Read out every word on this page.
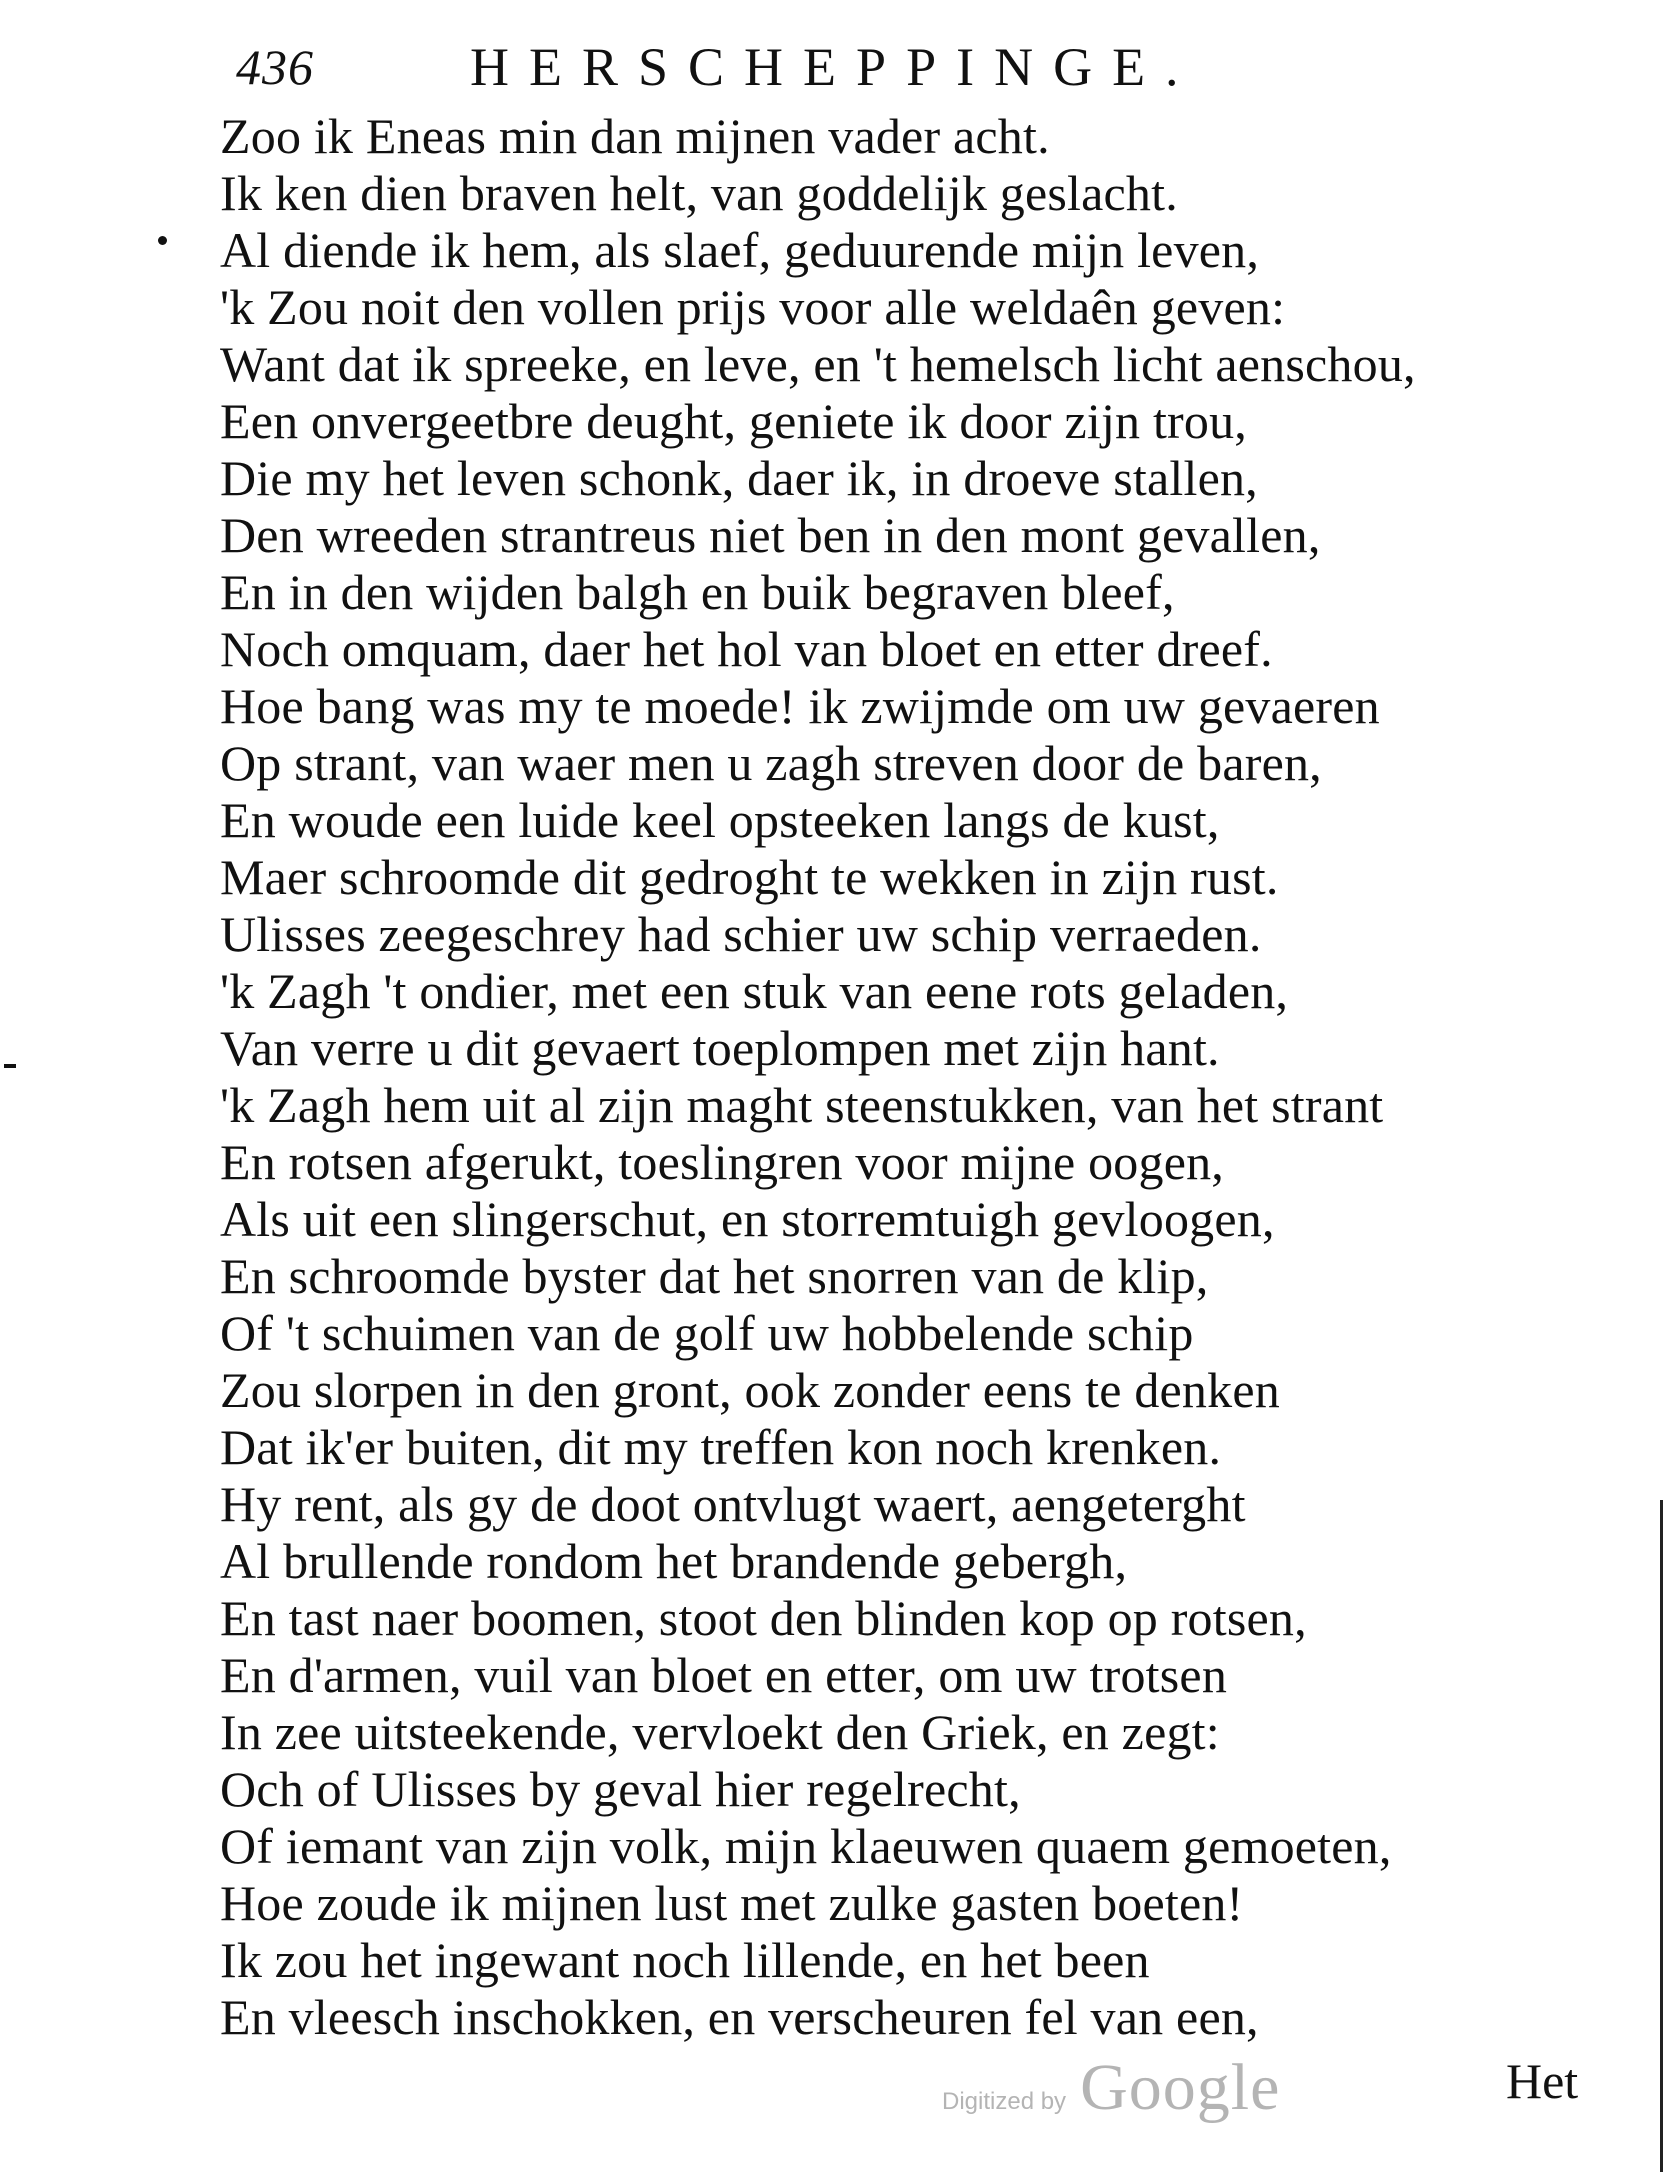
436	HERSCHEPPINGE.
Zoo ik Eneas min dan mijnen vader acht.
Ik ken dien braven helt, van goddelijk geslacht.
Al diende ik hem, als slaef, geduurende mijn leven,
'k Zou noit den vollen prijs voor alle weldaên geven:
Want dat ik spreeke, en leve, en 't hemelsch licht aenschou,
Een onvergeetbre deught, geniete ik door zijn trou,
Die my het leven schonk, daer ik, in droeve stallen,
Den wreeden strantreus niet ben in den mont gevallen,
En in den wijden balgh en buik begraven bleef,
Noch omquam, daer het hol van bloet en etter dreef.
Hoe bang was my te moede! ik zwijmde om uw gevaeren
Op strant, van waer men u zagh streven door de baren,
En woude een luide keel opsteeken langs de kust,
Maer schroomde dit gedroght te wekken in zijn rust.
Ulisses zeegeschrey had schier uw schip verraeden.
'k Zagh 't ondier, met een stuk van eene rots geladen,
Van verre u dit gevaert toeplompen met zijn hant.
'k Zagh hem uit al zijn maght steenstukken, van het strant
En rotsen afgerukt, toeslingren voor mijne oogen,
Als uit een slingerschut, en storremtuigh gevloogen,
En schroomde byster dat het snorren van de klip,
Of 't schuimen van de golf uw hobbelende schip
Zou slorpen in den gront, ook zonder eens te denken
Dat ik'er buiten, dit my treffen kon noch krenken.
Hy rent, als gy de doot ontvlugt waert, aengeterght
Al brullende rondom het brandende gebergh,
En tast naer boomen, stoot den blinden kop op rotsen,
En d'armen, vuil van bloet en etter, om uw trotsen
In zee uitsteekende, vervloekt den Griek, en zegt:
Och of Ulisses by geval hier regelrecht,
Of iemant van zijn volk, mijn klaeuwen quaem gemoeten,
Hoe zoude ik mijnen lust met zulke gasten boeten!
Ik zou het ingewant noch lillende, en het been
En vleesch inschokken, en verscheuren fel van een,
Digitized by Google	Het
